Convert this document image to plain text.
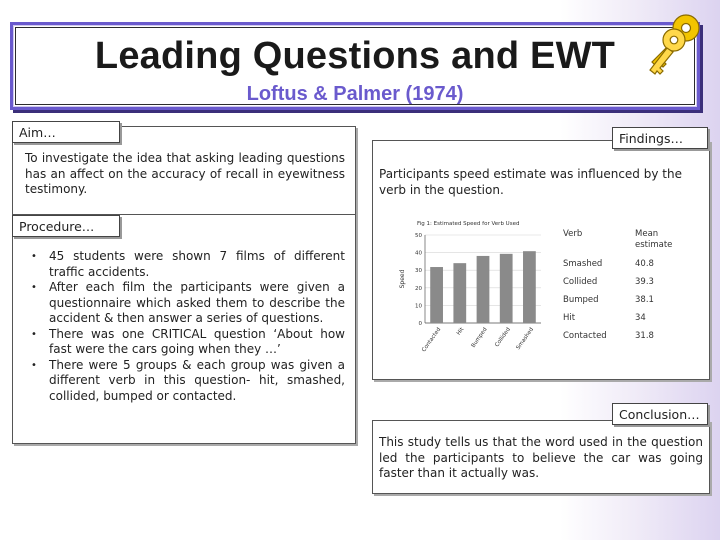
Leading Questions and EWT
Loftus & Palmer (1974)
To investigate the idea that asking leading questions has an affect on the accuracy of recall in eyewitness testimony.
Aim…
• 45 students were shown 7 films of different traffic accidents.
• After each film the participants were given a questionnaire which asked them to describe the accident & then answer a series of questions.
• There was one CRITICAL question ‘About how fast were the cars going when they …’
• There were 5 groups & each group was given a different verb in this question- hit, smashed, collided, bumped or contacted.
Procedure…
Participants speed estimate was influenced by the verb in the question.
Fig 1: Estimated Speed for Verb Used
0
10
20
30
40
50
Speed
Contacted	Hit Bumped Collided Smashed
Verb	Mean estimate
Smashed	40.8
Collided	39.3
Bumped	38.1
Hit	34
Contacted	31.8
Findings…
This study tells us that the word used in the question led the participants to believe the car was going faster than it actually was.
Conclusion…
